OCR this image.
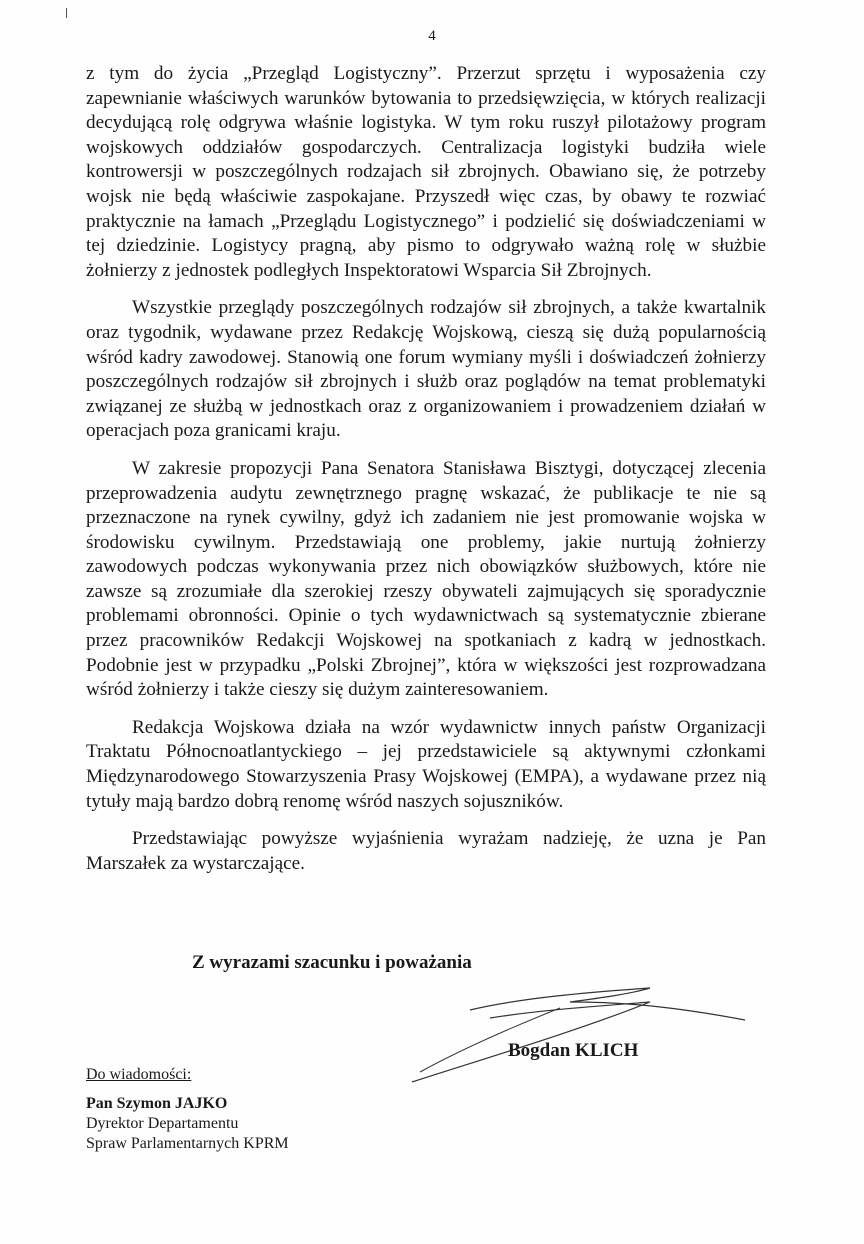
4

z tym do życia „Przegląd Logistyczny”. Przerzut sprzętu i wyposażenia czy zapewnianie właściwych warunków bytowania to przedsięwzięcia, w których realizacji decydującą rolę odgrywa właśnie logistyka. W tym roku ruszył pilotażowy program wojskowych oddziałów gospodarczych. Centralizacja logistyki budziła wiele kontrowersji w poszczególnych rodzajach sił zbrojnych. Obawiano się, że potrzeby wojsk nie będą właściwie zaspokajane. Przyszedł więc czas, by obawy te rozwiać praktycznie na łamach „Przeglądu Logistycznego” i podzielić się doświadczeniami w tej dziedzinie. Logistycy pragną, aby pismo to odgrywało ważną rolę w służbie żołnierzy z jednostek podległych Inspektoratowi Wsparcia Sił Zbrojnych.

Wszystkie przeglądy poszczególnych rodzajów sił zbrojnych, a także kwartalnik oraz tygodnik, wydawane przez Redakcję Wojskową, cieszą się dużą popularnością wśród kadry zawodowej. Stanowią one forum wymiany myśli i doświadczeń żołnierzy poszczególnych rodzajów sił zbrojnych i służb oraz poglądów na temat problematyki związanej ze służbą w jednostkach oraz z organizowaniem i prowadzeniem działań w operacjach poza granicami kraju.

W zakresie propozycji Pana Senatora Stanisława Bisztygi, dotyczącej zlecenia przeprowadzenia audytu zewnętrznego pragnę wskazać, że publikacje te nie są przeznaczone na rynek cywilny, gdyż ich zadaniem nie jest promowanie wojska w środowisku cywilnym. Przedstawiają one problemy, jakie nurtują żołnierzy zawodowych podczas wykonywania przez nich obowiązków służbowych, które nie zawsze są zrozumiałe dla szerokiej rzeszy obywateli zajmujących się sporadycznie problemami obronności. Opinie o tych wydawnictwach są systematycznie zbierane przez pracowników Redakcji Wojskowej na spotkaniach z kadrą w jednostkach. Podobnie jest w przypadku „Polski Zbrojnej”, która w większości jest rozprowadzana wśród żołnierzy i także cieszy się dużym zainteresowaniem.

Redakcja Wojskowa działa na wzór wydawnictw innych państw Organizacji Traktatu Północnoatlantyckiego – jej przedstawiciele są aktywnymi członkami Międzynarodowego Stowarzyszenia Prasy Wojskowej (EMPA), a wydawane przez nią tytuły mają bardzo dobrą renomę wśród naszych sojuszników.

Przedstawiając powyższe wyjaśnienia wyrażam nadzieję, że uzna je Pan Marszałek za wystarczające.

Z wyrazami szacunku i poważania
Bogdan KLICH
Do wiadomości:
Pan Szymon JAJKO
Dyrektor Departamentu
Spraw Parlamentarnych KPRM
